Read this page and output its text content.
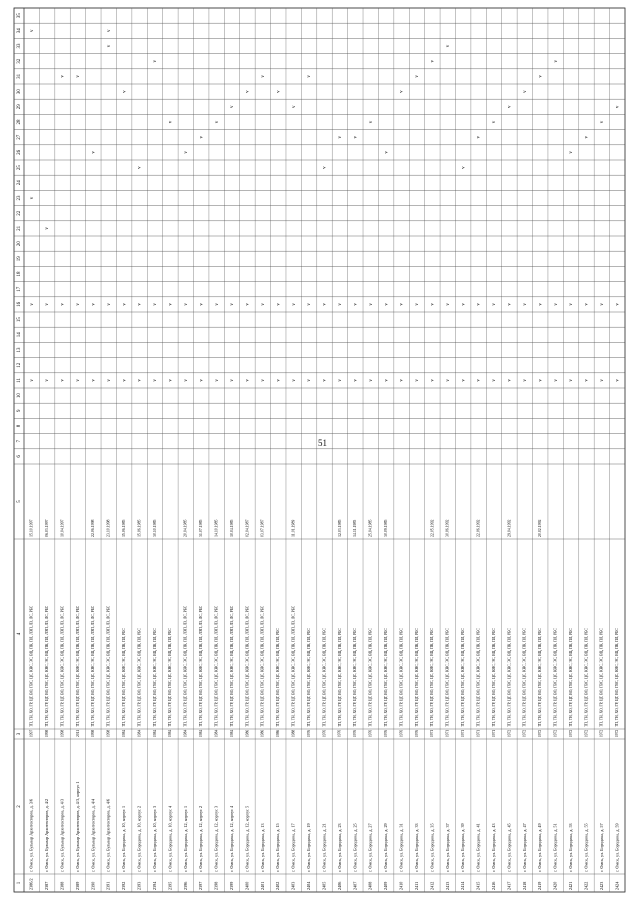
51
1
2
3
4
5
6
7
8
9
10
11
12
13
14
15
16
17
18
19
20
21
22
23
24
25
26
27
28
29
30
31
32
33
34
35
2386/2
г. Омск, ул. Бульвар Архитекторов, д. 3/6
1997
ТП, ТН, ХО, ГР, ЦГ, ВО, ГВС, ЦС, КНС, ЭС, ВЦ, ПК, ПЛ, ЛЭП, ЛЗ, ЛС, РБС
15.10.1997
v
v
v
v
2387
г. Омск, ул. Бульвар Архитекторов, д. 4/2
1998
ТП, ТН, ХО, ГР, ЦГ, ВО, ГВС, ЦС, КНС, ЭС, ВЦ, ПК, ПЛ, ЛЭП, ЛЗ, ЛС, РБС
06.03.1997
v
v
v
2388
г. Омск, ул. Бульвар Архитекторов, д. 4/3
1998
ТП, ТН, ХО, ГР, ЦГ, ВО, ГВС, ЦС, КНС, ЭС, ВЦ, ПК, ПЛ, ЛЭП, ЛЗ, ЛС, РБС
10.04.1997
v
v
v
2389
г. Омск, ул. Бульвар Архитекторов, д. 4/3, корпус 1
2011
ТП, ТН, ХО, ГР, ЦГ, ВО, ГВС, ЦС, КНС, ЭС, ВЦ, ПК, ПЛ, ЛЭП, ЛЗ, ЛС, РБС
v
v
v
2390
г. Омск, ул. Бульвар Архитекторов, д. 4/4
1998
ТП, ТН, ХО, ГР, ЦГ, ВО, ГВС, ЦС, КНС, ЭС, ВЦ, ПК, ПЛ, ЛЭП, ЛЗ, ЛС, РБС
22.06.1998
v
v
v
2391
г. Омск, ул. Бульвар Архитекторов, д. 4/6
1998
ТП, ТН, ХО, ГР, ЦГ, ВО, ГВС, ЦС, КНС, ЭС, ВЦ, ПК, ПЛ, ЛЭП, ЛЗ, ЛС, РБС
23.10.1998
v
v
v
v
2392
г. Омск, ул. Бородина, д. 10, корпус 1
1984
ТП, ТН, ХО, ГР, ЦГ, ВО, ГВС, ЦС, КНС, ЭС, ВЦ, ПК, ПЛ, РБС
15.06.1985
v
v
v
2393
г. Омск, ул. Бородина, д. 10, корпус 2
1984
ТП, ТН, ХО, ГР, ЦГ, ВО, ГВС, ЦС, КНС, ЭС, ВЦ, ПК, ПЛ, РБС
15.06.1985
v
v
v
2394
г. Омск, ул. Бородина, д. 10, корпус 3
1984
ТП, ТН, ХО, ГР, ЦГ, ВО, ГВС, ЦС, КНС, ЭС, ВЦ, ПК, ПЛ, РБС
30.10.1985
v
v
v
2395
г. Омск, ул. Бородина, д. 10, корпус 4
1984
ТП, ТН, ХО, ГР, ЦГ, ВО, ГВС, ЦС, КНС, ЭС, ВЦ, ПК, ПЛ, РБС
v
v
v
2396
г. Омск, ул. Бородина, д. 12, корпус 1
1984
ТП, ТН, ХО, ГР, ЦГ, ВО, ГВС, ЦС, КНС, ЭС, ВЦ, ПК, ПЛ, ЛЭП, ЛЗ, ЛС, РБС
20.04.1985
v
v
v
2397
г. Омск, ул. Бородина, д. 12, корпус 2
1984
ТП, ТН, ХО, ГР, ЦГ, ВО, ГВС, ЦС, КНС, ЭС, ВЦ, ПК, ПЛ, ЛЭП, ЛЗ, ЛС, РБС
31.07.1985
v
v
v
2398
г. Омск, ул. Бородина, д. 12, корпус 3
1984
ТП, ТН, ХО, ГР, ЦГ, ВО, ГВС, ЦС, КНС, ЭС, ВЦ, ПК, ПЛ, ЛЭП, ЛЗ, ЛС, РБС
14.10.1985
v
v
v
2399
г. Омск, ул. Бородина, д. 12, корпус 4
1984
ТП, ТН, ХО, ГР, ЦГ, ВО, ГВС, ЦС, КНС, ЭС, ВЦ, ПК, ПЛ, ЛЭП, ЛЗ, ЛС, РБС
10.04.1985
v
v
v
2400
г. Омск, ул. Бородина, д. 12, корпус 5
1986
ТП, ТН, ХО, ГР, ЦГ, ВО, ГВС, ЦС, КНС, ЭС, ВЦ, ПК, ПЛ, ЛЭП, ЛЗ, ЛС, РБС
02.04.1987
v
v
v
2401
г. Омск, ул. Бородина, д. 13
1986
ТП, ТН, ХО, ГР, ЦГ, ВО, ГВС, ЦС, КНС, ЭС, ВЦ, ПК, ПЛ, ЛЭП, ЛЗ, ЛС, РБС
03.07.1987
v
v
v
2402
г. Омск, ул. Бородина, д. 15
1986
ТП, ТН, ХО, ГР, ЦГ, ВО, ГВС, ЦС, КНС, ЭС, ВЦ, ПК, ПЛ, РБС
v
v
v
2403
г. Омск, ул. Бородина, д. 17
1988
ТП, ТН, ХО, ГР, ЦГ, ВО, ГВС, ЦС, КНС, ЭС, ВЦ, ПК, ПЛ, ЛЭП, ЛЗ, ЛС, РБС
11.01.1989
v
v
v
2404
г. Омск, ул. Бородина, д. 19
1976
ТП, ТН, ХО, ГР, ЦГ, ВО, ГВС, ЦС, КНС, ЭС, ВЦ, ПК, ПЛ, РБС
v
v
v
2405
г. Омск, ул. Бородина, д. 21
1976
ТП, ТН, ХО, ГР, ЦГ, ВО, ГВС, ЦС, КНС, ЭС, ВЦ, ПК, ПЛ, РБС
v
v
v
2406
г. Омск, ул. Бородина, д. 23
1976
ТП, ТН, ХО, ГР, ЦГ, ВО, ГВС, ЦС, КНС, ЭС, ВЦ, ПК, ПЛ, РБС
12.03.1985
v
v
v
2407
г. Омск, ул. Бородина, д. 25
1976
ТП, ТН, ХО, ГР, ЦГ, ВО, ГВС, ЦС, КНС, ЭС, ВЦ, ПК, ПЛ, РБС
14.11.1985
v
v
v
2408
г. Омск, ул. Бородина, д. 27
1976
ТП, ТН, ХО, ГР, ЦГ, ВО, ГВС, ЦС, КНС, ЭС, ВЦ, ПК, ПЛ, РБС
25.04.1985
v
v
v
2409
г. Омск, ул. Бородина, д. 29
1976
ТП, ТН, ХО, ГР, ЦГ, ВО, ГВС, ЦС, КНС, ЭС, ВЦ, ПК, ПЛ, РБС
30.09.1985
v
v
v
2410
г. Омск, ул. Бородина, д. 31
1976
ТП, ТН, ХО, ГР, ЦГ, ВО, ГВС, ЦС, КНС, ЭС, ВЦ, ПК, ПЛ, РБС
v
v
v
2411
г. Омск, ул. Бородина, д. 33
1976
ТП, ТН, ХО, ГР, ЦГ, ВО, ГВС, ЦС, КНС, ЭС, ВЦ, ПК, ПЛ, РБС
v
v
v
2412
г. Омск, ул. Бородина, д. 35
1971
ТП, ТН, ХО, ГР, ЦГ, ВО, ГВС, ЦС, КНС, ЭС, ВЦ, ПК, ПЛ, РБС
22.05.1992
v
v
v
2413
г. Омск, ул. Бородина, д. 37
1971
ТП, ТН, ХО, ГР, ЦГ, ВО, ГВС, ЦС, КНС, ЭС, ВЦ, ПК, ПЛ, РБС
30.06.1992
v
v
v
2414
г. Омск, ул. Бородина, д. 39
1971
ТП, ТН, ХО, ГР, ЦГ, ВО, ГВС, ЦС, КНС, ЭС, ВЦ, ПК, ПЛ, РБС
v
v
v
2415
г. Омск, ул. Бородина, д. 41
1971
ТП, ТН, ХО, ГР, ЦГ, ВО, ГВС, ЦС, КНС, ЭС, ВЦ, ПК, ПЛ, РБС
22.06.1992
v
v
v
2416
г. Омск, ул. Бородина, д. 43
1971
ТП, ТН, ХО, ГР, ЦГ, ВО, ГВС, ЦС, КНС, ЭС, ВЦ, ПК, ПЛ, РБС
v
v
v
2417
г. Омск, ул. Бородина, д. 45
1972
ТП, ТН, ХО, ГР, ЦГ, ВО, ГВС, ЦС, КНС, ЭС, ВЦ, ПК, ПЛ, РБС
29.04.1992
v
v
v
2418
г. Омск, ул. Бородина, д. 47
1972
ТП, ТН, ХО, ГР, ЦГ, ВО, ГВС, ЦС, КНС, ЭС, ВЦ, ПК, ПЛ, РБС
v
v
v
2419
г. Омск, ул. Бородина, д. 49
1972
ТП, ТН, ХО, ГР, ЦГ, ВО, ГВС, ЦС, КНС, ЭС, ВЦ, ПК, ПЛ, РБС
20.02.1992
v
v
v
2420
г. Омск, ул. Бородина, д. 51
1972
ТП, ТН, ХО, ГР, ЦГ, ВО, ГВС, ЦС, КНС, ЭС, ВЦ, ПК, ПЛ, РБС
v
v
v
2421
г. Омск, ул. Бородина, д. 53
1972
ТП, ТН, ХО, ГР, ЦГ, ВО, ГВС, ЦС, КНС, ЭС, ВЦ, ПК, ПЛ, РБС
v
v
v
2422
г. Омск, ул. Бородина, д. 55
1972
ТП, ТН, ХО, ГР, ЦГ, ВО, ГВС, ЦС, КНС, ЭС, ВЦ, ПК, ПЛ, РБС
v
v
v
2423
г. Омск, ул. Бородина, д. 57
1972
ТП, ТН, ХО, ГР, ЦГ, ВО, ГВС, ЦС, КНС, ЭС, ВЦ, ПК, ПЛ, РБС
v
v
v
2424
г. Омск, ул. Бородина, д. 59
1972
ТП, ТН, ХО, ГР, ЦГ, ВО, ГВС, ЦС, КНС, ЭС, ВЦ, ПК, ПЛ, РБС
v
v
v
